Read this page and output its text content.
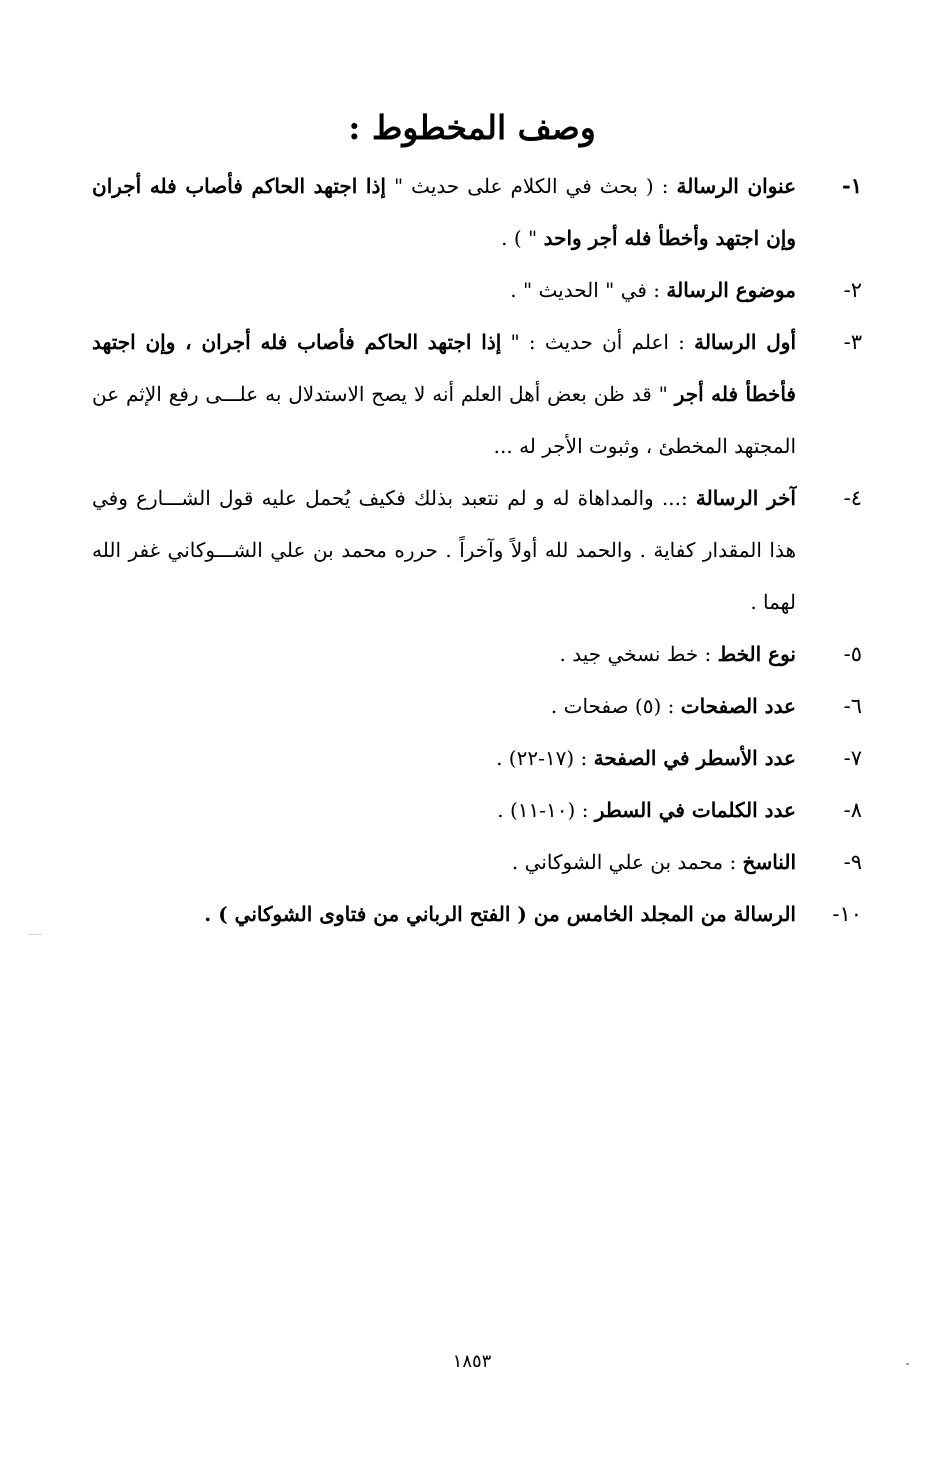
وصف المخطوط :
١-
عنوان الرسالة : ( بحث في الكلام على حديث " إذا اجتهد الحاكم فأصاب فله أجران وإن اجتهد وأخطأ فله أجر واحد " ) .
٢-
موضوع الرسالة : في " الحديث " .
٣-
أول الرسالة : اعلم أن حديث : " إذا اجتهد الحاكم فأصاب فله أجران ، وإن اجتهد فأخطأ فله أجر " قد ظن بعض أهل العلم أنه لا يصح الاستدلال به علـــى رفع الإثم عن المجتهد المخطئ ، وثبوت الأجر له ...
٤-
آخر الرسالة :... والمداهاة له و لم نتعبد بذلك فكيف يُحمل عليه قول الشـــارع وفي هذا المقدار كفاية . والحمد لله أولاً وآخراً . حرره محمد بن علي الشـــوكاني غفر الله لهما .
٥-
نوع الخط : خط نسخي جيد .
٦-
عدد الصفحات : (٥) صفحات .
٧-
عدد الأسطر في الصفحة : (١٧-٢٢) .
٨-
عدد الكلمات في السطر : (١٠-١١) .
٩-
الناسخ : محمد بن علي الشوكاني .
١٠-
الرسالة من المجلد الخامس من ( الفتح الرباني من فتاوى الشوكاني ) .
١٨٥٣
